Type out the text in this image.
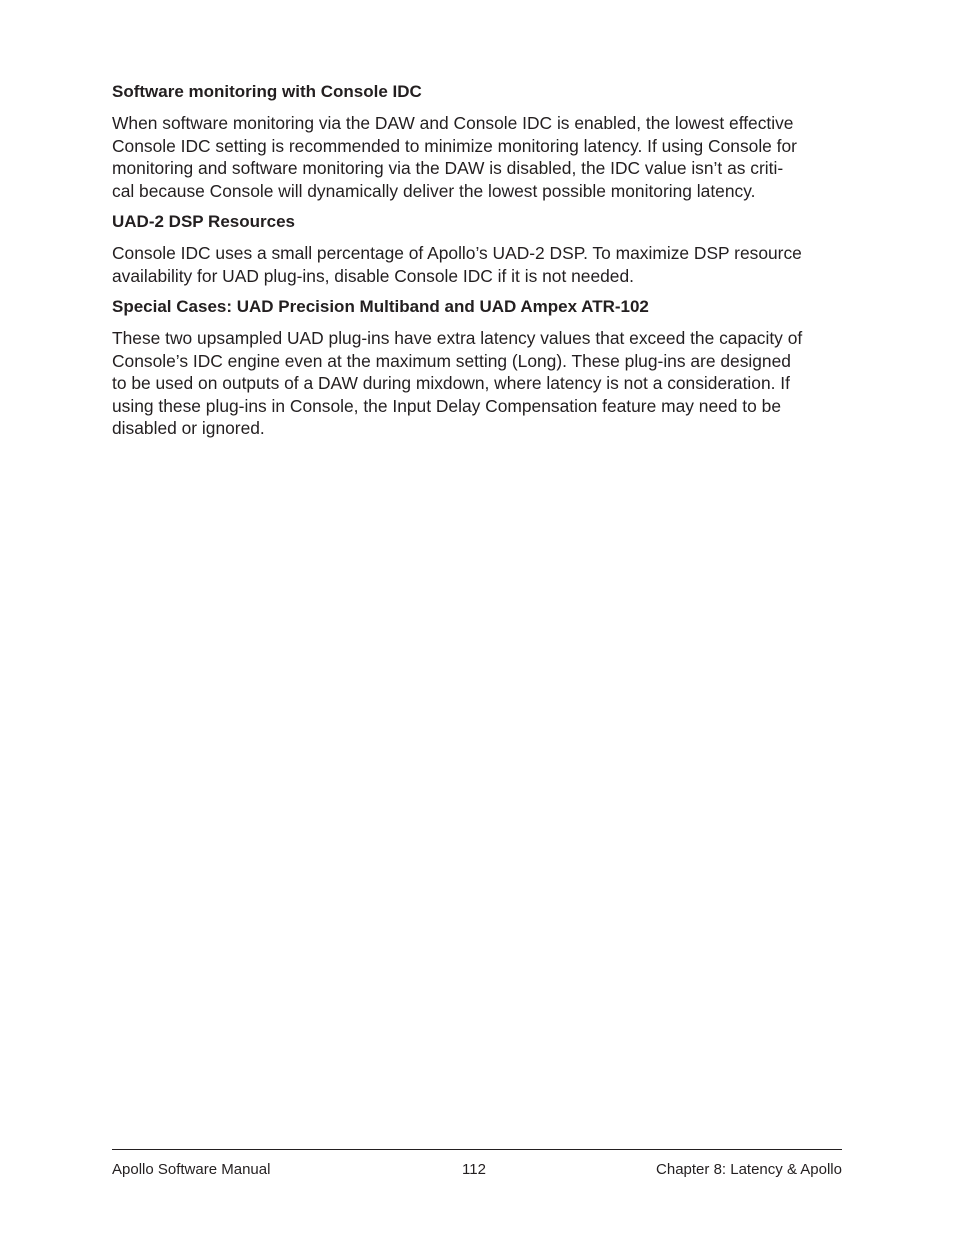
Software monitoring with Console IDC
When software monitoring via the DAW and Console IDC is enabled, the lowest effective
Console IDC setting is recommended to minimize monitoring latency. If using Console for
monitoring and software monitoring via the DAW is disabled, the IDC value isn’t as criti-
cal because Console will dynamically deliver the lowest possible monitoring latency.
UAD-2 DSP Resources
Console IDC uses a small percentage of Apollo’s UAD-2 DSP. To maximize DSP resource
availability for UAD plug-ins, disable Console IDC if it is not needed.
Special Cases: UAD Precision Multiband and UAD Ampex ATR-102
These two upsampled UAD plug-ins have extra latency values that exceed the capacity of
Console’s IDC engine even at the maximum setting (Long). These plug-ins are designed
to be used on outputs of a DAW during mixdown, where latency is not a consideration. If
using these plug-ins in Console, the Input Delay Compensation feature may need to be
disabled or ignored.
Apollo Software Manual	112	Chapter 8: Latency & Apollo
